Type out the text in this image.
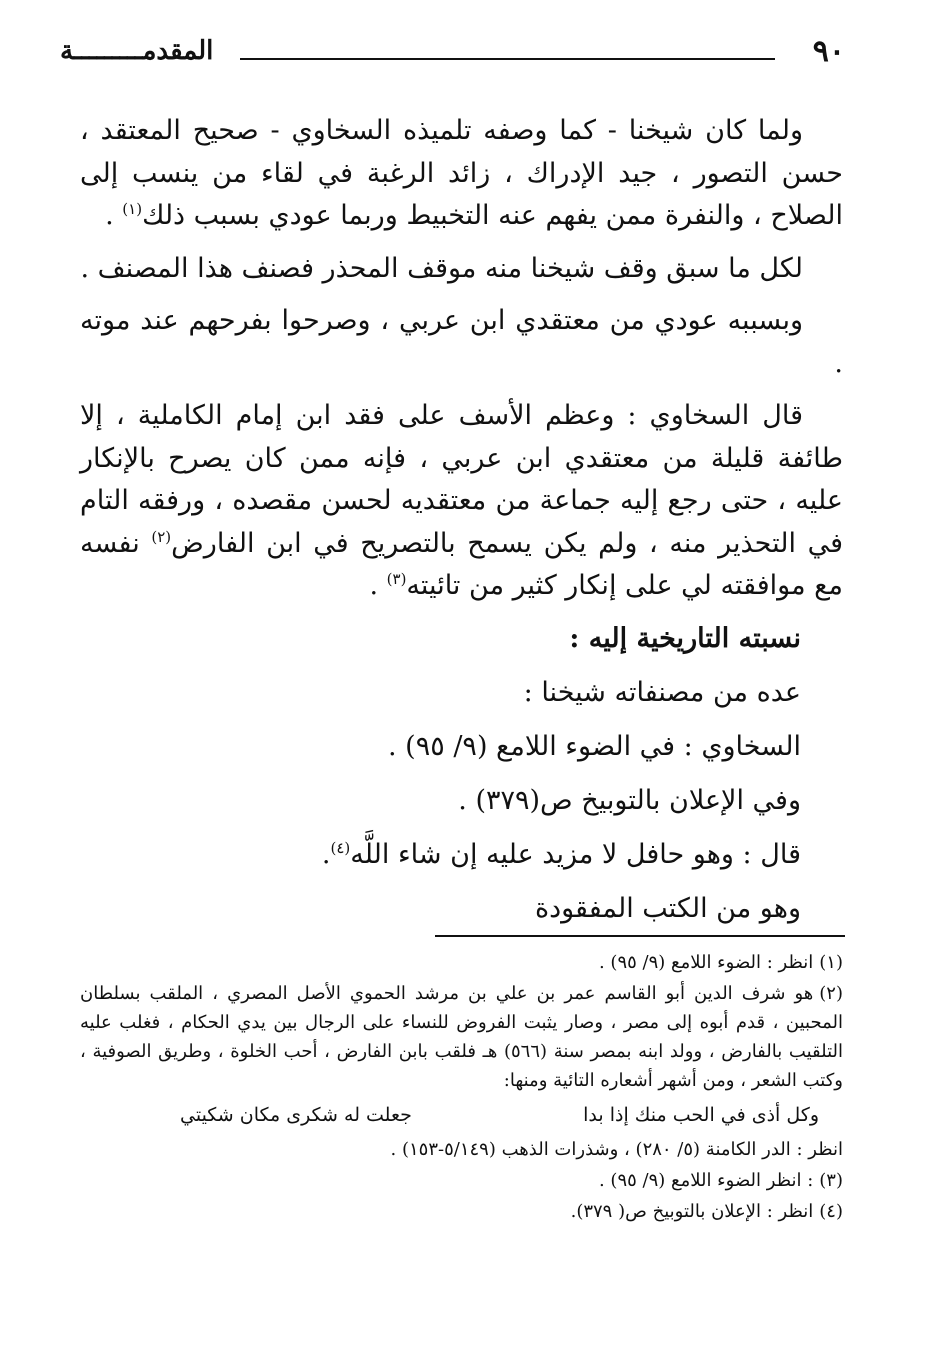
٩٠
المقدمـــــــــة

ولما كان شيخنا - كما وصفه تلميذه السخاوي - صحيح المعتقد ، حسن التصور ، جيد الإدراك ، زائد الرغبة في لقاء من ينسب إلى الصلاح ، والنفرة ممن يفهم عنه التخبيط وربما عودي بسبب ذلك$^{(١)}$ .

لكل ما سبق وقف شيخنا منه موقف المحذر فصنف هذا المصنف .

وبسببه عودي من معتقدي ابن عربي ، وصرحوا بفرحهم عند موته .

قال السخاوي : وعظم الأسف على فقد ابن إمام الكاملية ، إلا طائفة قليلة من معتقدي ابن عربي ، فإنه ممن كان يصرح بالإنكار عليه ، حتى رجع إليه جماعة من معتقديه لحسن مقصده ، ورفقه التام في التحذير منه ، ولم يكن يسمح بالتصريح في ابن الفارض$^{(٢)}$ نفسه مع موافقته لي على إنكار كثير من تائيته$^{(٣)}$ .

نسبته التاريخية إليه :

عده من مصنفاته شيخنا :

السخاوي : في الضوء اللامع (٩/ ٩٥) .

وفي الإعلان بالتوبيخ ص(٣٧٩) .

قال : وهو حافل لا مزيد عليه إن شاء اللَّه$^{(٤)}$.

وهو من الكتب المفقودة

(١)انظر : الضوء اللامع (٩/ ٩٥) .

(٢)هو شرف الدين أبو القاسم عمر بن علي بن مرشد الحموي الأصل المصري ، الملقب بسلطان المحبين ، قدم أبوه إلى مصر ، وصار يثبت الفروض للنساء على الرجال بين يدي الحكام ، فغلب عليه التلقيب بالفارض ، وولد ابنه بمصر سنة (٥٦٦) هـ فلقب بابن الفارض ، أحب الخلوة ، وطريق الصوفية ، وكتب الشعر ، ومن أشهر أشعاره التائية ومنها:

وكل أذى في الحب منك إذا بدا
جعلت له شكرى مكان شكيتي

انظر : الدر الكامنة (٥/ ٢٨٠) ، وشذرات الذهب (٥/١٤٩-١٥٣) .

(٣): انظر الضوء اللامع (٩/ ٩٥) .

(٤)انظر : الإعلان بالتوبيخ ص( ٣٧٩).
